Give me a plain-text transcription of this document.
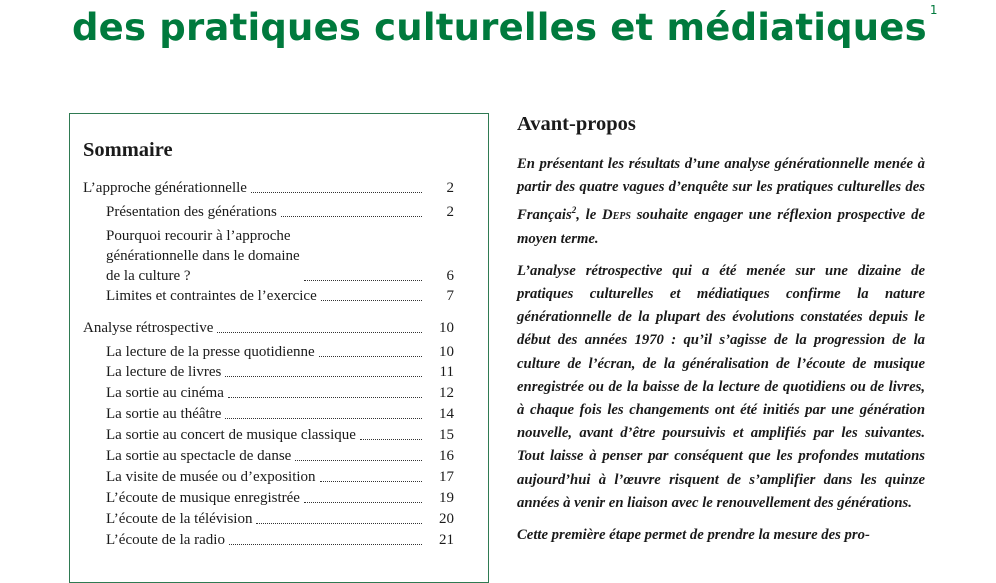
des pratiques culturelles et médiatiques $^1$
Sommaire
L’approche générationnelle	2
Présentation des générations	2
Pourquoi recourir à l’approche
générationnelle dans le domaine
de la culture ?	6
Limites et contraintes de l’exercice	7
Analyse rétrospective	10
La lecture de la presse quotidienne	10
La lecture de livres	11
La sortie au cinéma	12
La sortie au théâtre	14
La sortie au concert de musique classique	15
La sortie au spectacle de danse	16
La visite de musée ou d’exposition	17
L’écoute de musique enregistrée	19
L’écoute de la télévision	20
L’écoute de la radio	21
Avant-propos

En présentant les résultats d’une analyse générationnelle menée à partir des quatre vagues d’enquête sur les pratiques culturelles des Français$^2$, le Deps souhaite engager une réflexion prospective de moyen terme.

L’analyse rétrospective qui a été menée sur une dizaine de pratiques culturelles et médiatiques confirme la nature générationnelle de la plupart des évolutions constatées depuis le début des années 1970 : qu’il s’agisse de la progression de la culture de l’écran, de la généralisation de l’écoute de musique enregistrée ou de la baisse de la lecture de quotidiens ou de livres, à chaque fois les changements ont été initiés par une génération nouvelle, avant d’être poursuivis et amplifiés par les suivantes. Tout laisse à penser par conséquent que les profondes mutations aujourd’hui à l’œuvre risquent de s’amplifier dans les quinze années à venir en liaison avec le renouvellement des générations.

Cette première étape permet de prendre la mesure des pro-
